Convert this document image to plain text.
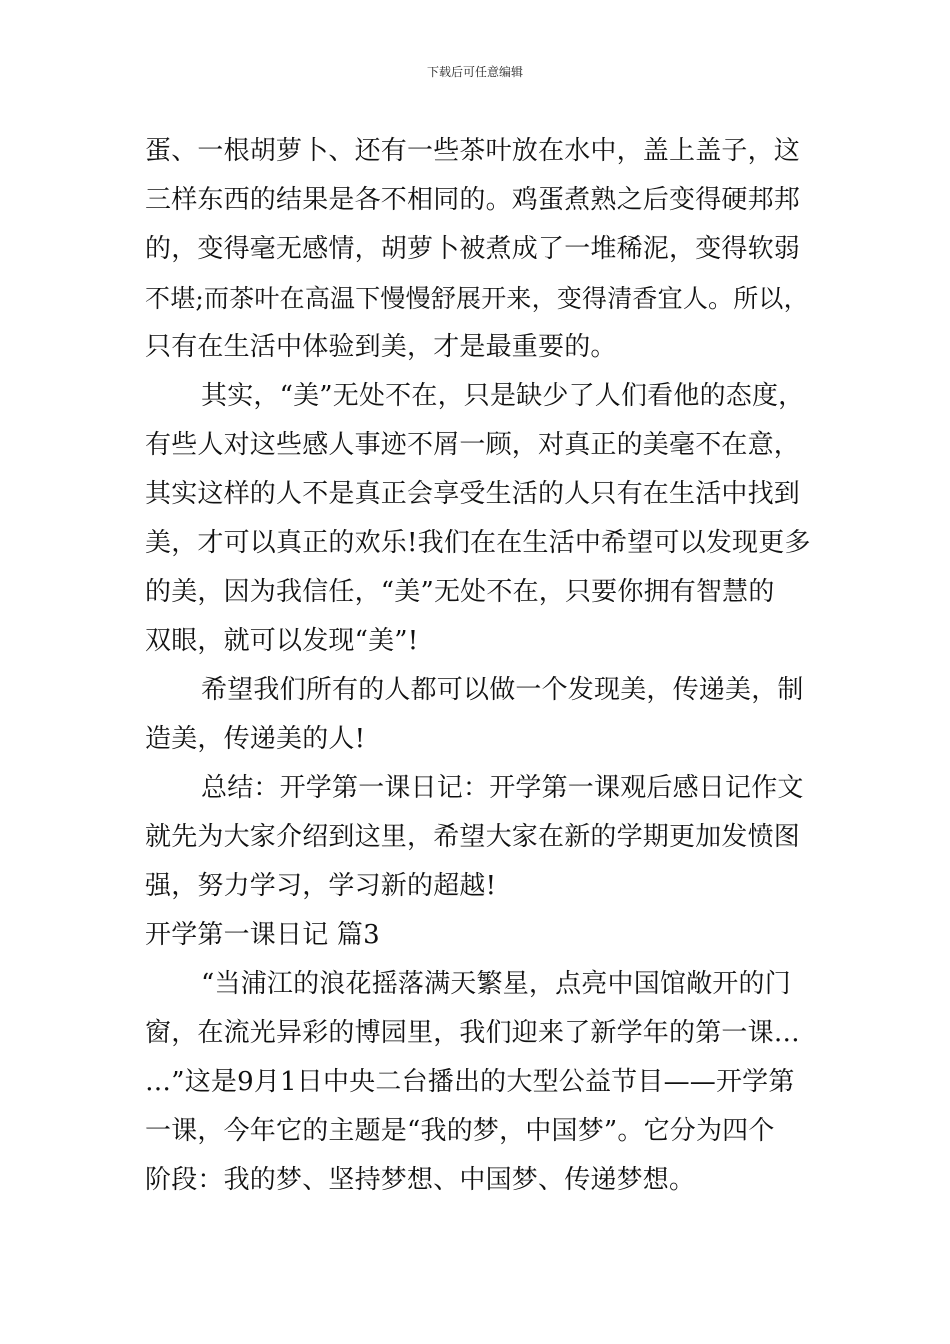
下载后可任意编辑
蛋、一根胡萝卜、还有一些茶叶放在水中，盖上盖子，这
三样东西的结果是各不相同的。鸡蛋煮熟之后变得硬邦邦
的，变得毫无感情，胡萝卜被煮成了一堆稀泥，变得软弱
不堪;而茶叶在高温下慢慢舒展开来，变得清香宜人。所以，
只有在生活中体验到美，才是最重要的。
其实，“美”无处不在，只是缺少了人们看他的态度，
有些人对这些感人事迹不屑一顾，对真正的美毫不在意，
其实这样的人不是真正会享受生活的人只有在生活中找到
美，才可以真正的欢乐!我们在在生活中希望可以发现更多
的美，因为我信任，“美”无处不在，只要你拥有智慧的
双眼，就可以发现“美”!
希望我们所有的人都可以做一个发现美，传递美，制
造美，传递美的人!
总结：开学第一课日记：开学第一课观后感日记作文
就先为大家介绍到这里，希望大家在新的学期更加发愤图
强，努力学习，学习新的超越!
开学第一课日记 篇3
“当浦江的浪花摇落满天繁星，点亮中国馆敞开的门
窗，在流光异彩的博园里，我们迎来了新学年的第一课…
…”这是9月1日中央二台播出的大型公益节目——开学第
一课，今年它的主题是“我的梦，中国梦”。它分为四个
阶段：我的梦、坚持梦想、中国梦、传递梦想。
